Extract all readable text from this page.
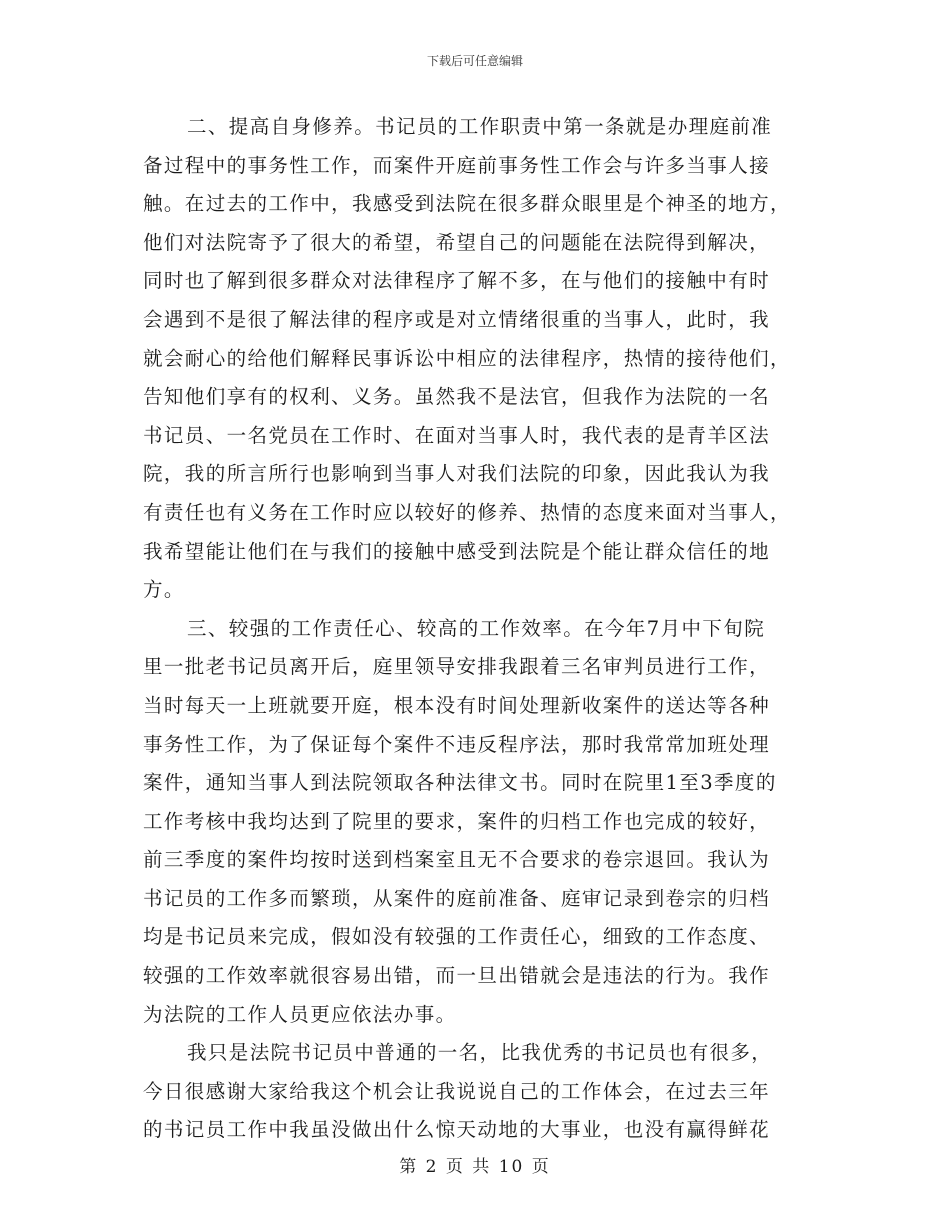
下载后可任意编辑
二、提高自身修养。书记员的工作职责中第一条就是办理庭前准
备过程中的事务性工作，而案件开庭前事务性工作会与许多当事人接
触。在过去的工作中，我感受到法院在很多群众眼里是个神圣的地方，
他们对法院寄予了很大的希望，希望自己的问题能在法院得到解决，
同时也了解到很多群众对法律程序了解不多，在与他们的接触中有时
会遇到不是很了解法律的程序或是对立情绪很重的当事人，此时，我
就会耐心的给他们解释民事诉讼中相应的法律程序，热情的接待他们，
告知他们享有的权利、义务。虽然我不是法官，但我作为法院的一名
书记员、一名党员在工作时、在面对当事人时，我代表的是青羊区法
院，我的所言所行也影响到当事人对我们法院的印象，因此我认为我
有责任也有义务在工作时应以较好的修养、热情的态度来面对当事人，
我希望能让他们在与我们的接触中感受到法院是个能让群众信任的地
方。
三、较强的工作责任心、较高的工作效率。在今年7月中下旬院
里一批老书记员离开后，庭里领导安排我跟着三名审判员进行工作，
当时每天一上班就要开庭，根本没有时间处理新收案件的送达等各种
事务性工作，为了保证每个案件不违反程序法，那时我常常加班处理
案件，通知当事人到法院领取各种法律文书。同时在院里1至3季度的
工作考核中我均达到了院里的要求，案件的归档工作也完成的较好，
前三季度的案件均按时送到档案室且无不合要求的卷宗退回。我认为
书记员的工作多而繁琐，从案件的庭前准备、庭审记录到卷宗的归档
均是书记员来完成，假如没有较强的工作责任心，细致的工作态度、
较强的工作效率就很容易出错，而一旦出错就会是违法的行为。我作
为法院的工作人员更应依法办事。
我只是法院书记员中普通的一名，比我优秀的书记员也有很多，
今日很感谢大家给我这个机会让我说说自己的工作体会，在过去三年
的书记员工作中我虽没做出什么惊天动地的大事业，也没有赢得鲜花
第 2 页 共 10 页
